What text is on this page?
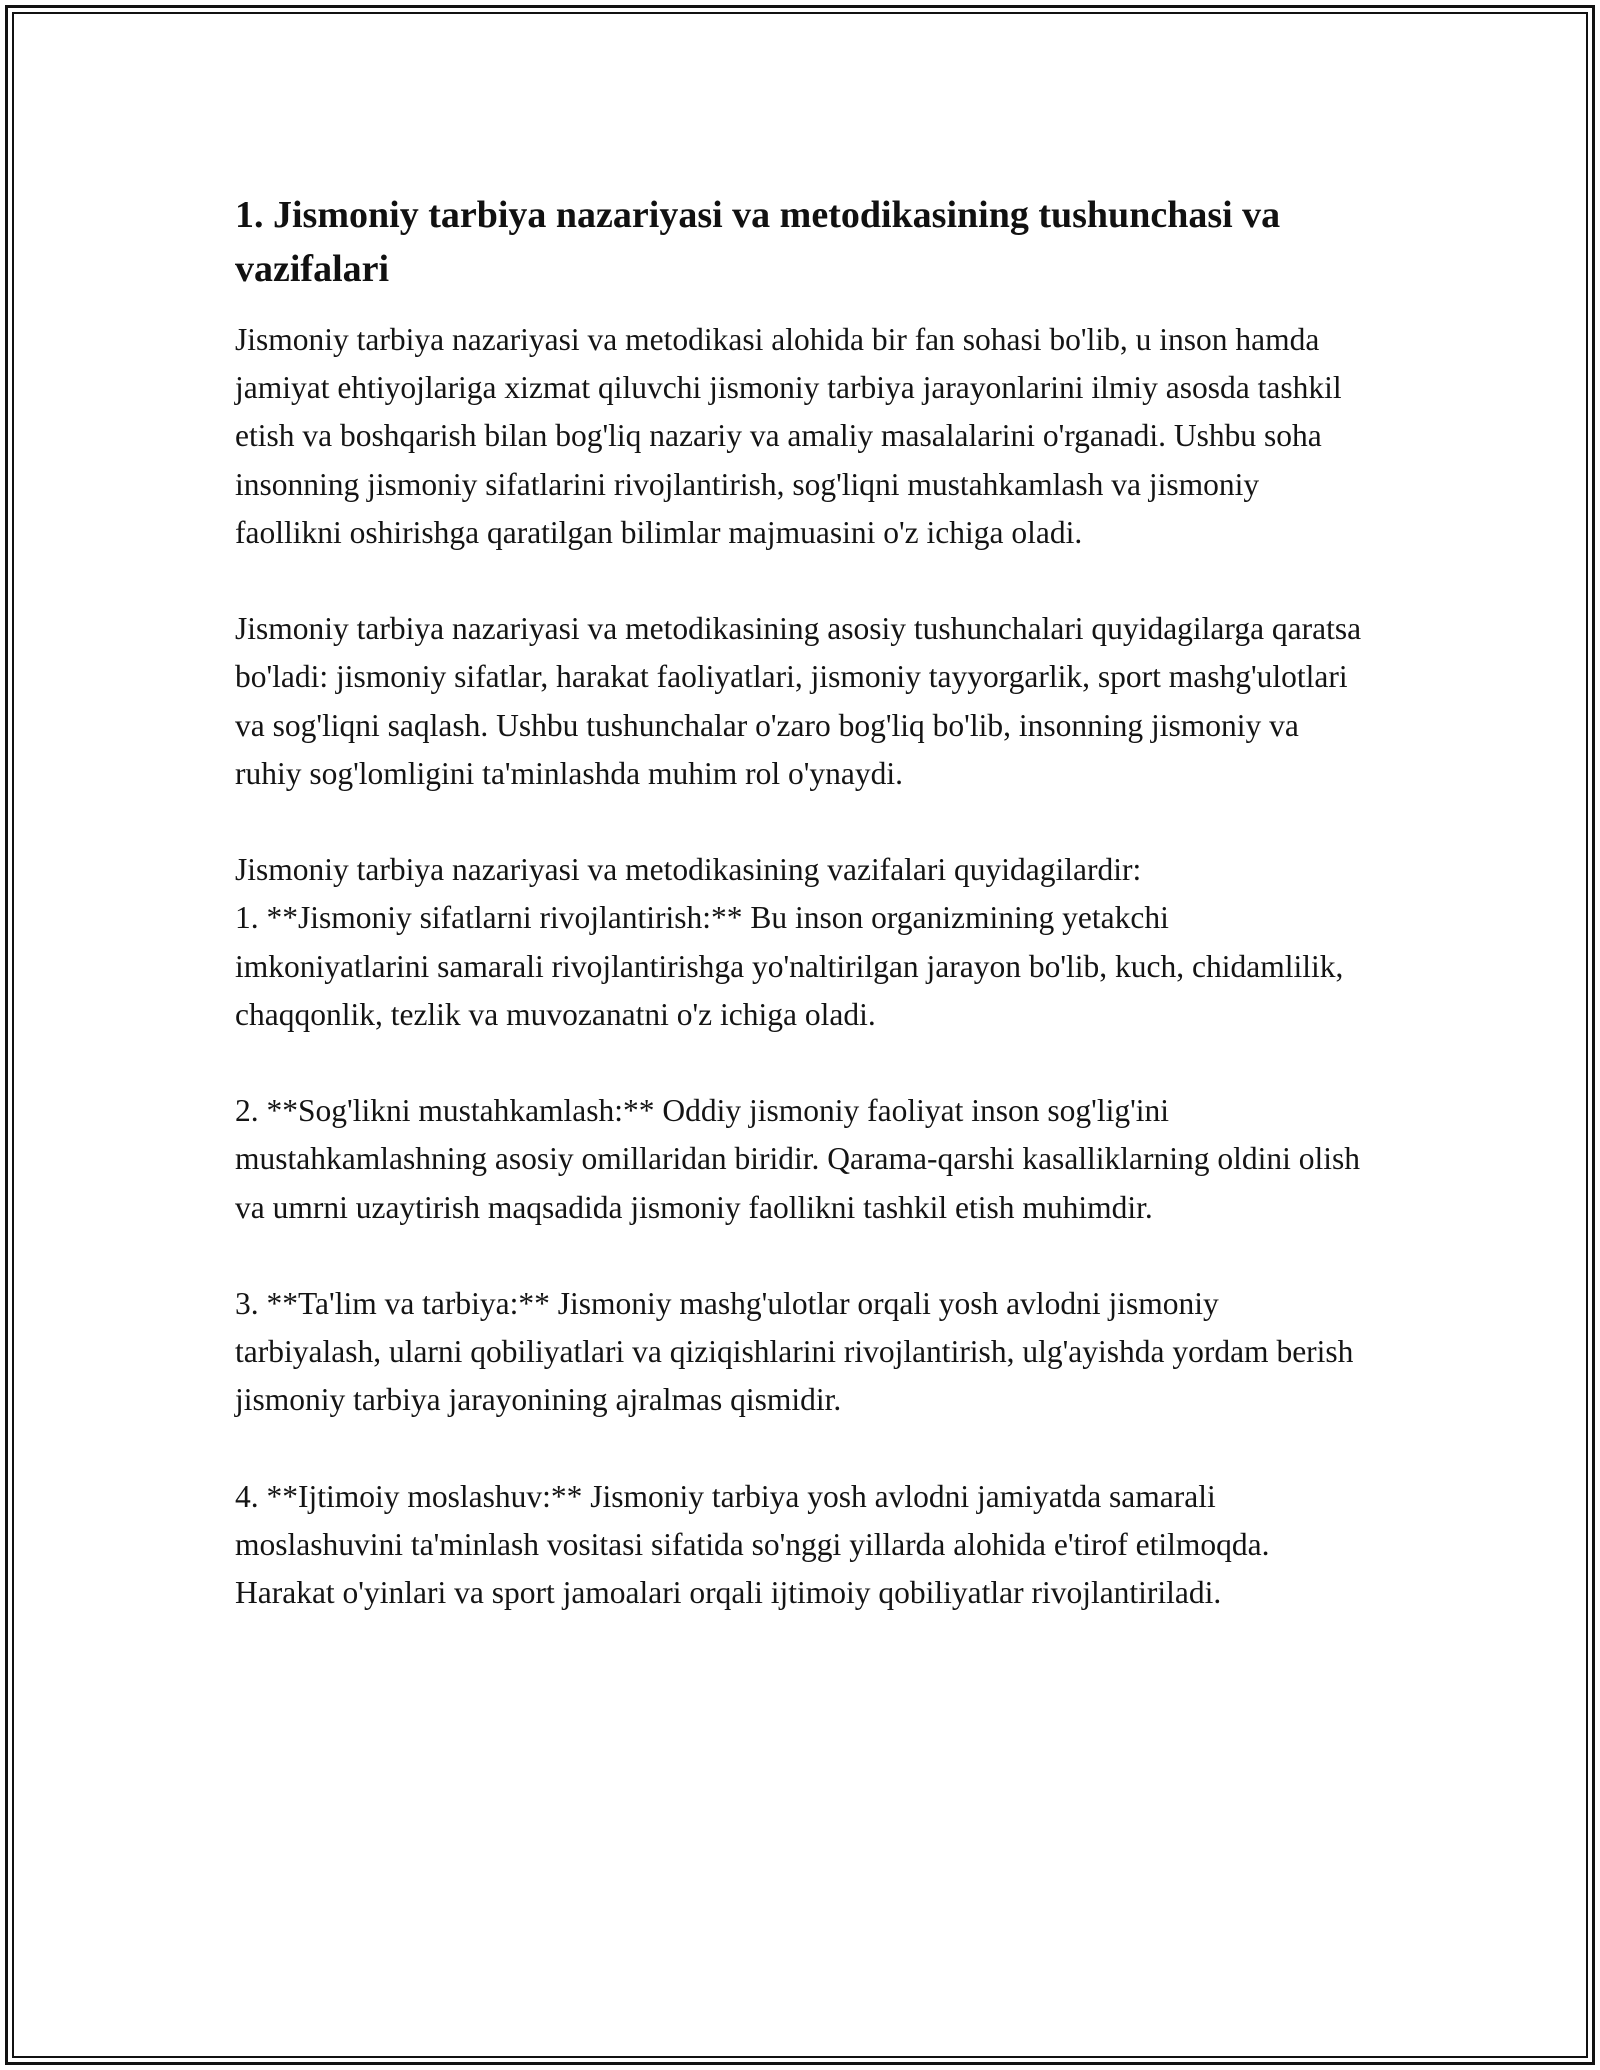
1. Jismoniy tarbiya nazariyasi va metodikasining tushunchasi va vazifalari

Jismoniy tarbiya nazariyasi va metodikasi alohida bir fan sohasi bo'lib, u inson hamda jamiyat ehtiyojlariga xizmat qiluvchi jismoniy tarbiya jarayonlarini ilmiy asosda tashkil etish va boshqarish bilan bog'liq nazariy va amaliy masalalarini o'rganadi. Ushbu soha insonning jismoniy sifatlarini rivojlantirish, sog'liqni mustahkamlash va jismoniy faollikni oshirishga qaratilgan bilimlar majmuasini o'z ichiga oladi.

Jismoniy tarbiya nazariyasi va metodikasining asosiy tushunchalari quyidagilarga qaratsa bo'ladi: jismoniy sifatlar, harakat faoliyatlari, jismoniy tayyorgarlik, sport mashg'ulotlari va sog'liqni saqlash. Ushbu tushunchalar o'zaro bog'liq bo'lib, insonning jismoniy va ruhiy sog'lomligini ta'minlashda muhim rol o'ynaydi.

Jismoniy tarbiya nazariyasi va metodikasining vazifalari quyidagilardir:

1. **Jismoniy sifatlarni rivojlantirish:** Bu inson organizmining yetakchi imkoniyatlarini samarali rivojlantirishga yo'naltirilgan jarayon bo'lib, kuch, chidamlilik, chaqqonlik, tezlik va muvozanatni o'z ichiga oladi.

2. **Sog'likni mustahkamlash:** Oddiy jismoniy faoliyat inson sog'lig'ini mustahkamlashning asosiy omillaridan biridir. Qarama-qarshi kasalliklarning oldini olish va umrni uzaytirish maqsadida jismoniy faollikni tashkil etish muhimdir.

3. **Ta'lim va tarbiya:** Jismoniy mashg'ulotlar orqali yosh avlodni jismoniy tarbiyalash, ularni qobiliyatlari va qiziqishlarini rivojlantirish, ulg'ayishda yordam berish jismoniy tarbiya jarayonining ajralmas qismidir.

4. **Ijtimoiy moslashuv:** Jismoniy tarbiya yosh avlodni jamiyatda samarali moslashuvini ta'minlash vositasi sifatida so'nggi yillarda alohida e'tirof etilmoqda. Harakat o'yinlari va sport jamoalari orqali ijtimoiy qobiliyatlar rivojlantiriladi.
